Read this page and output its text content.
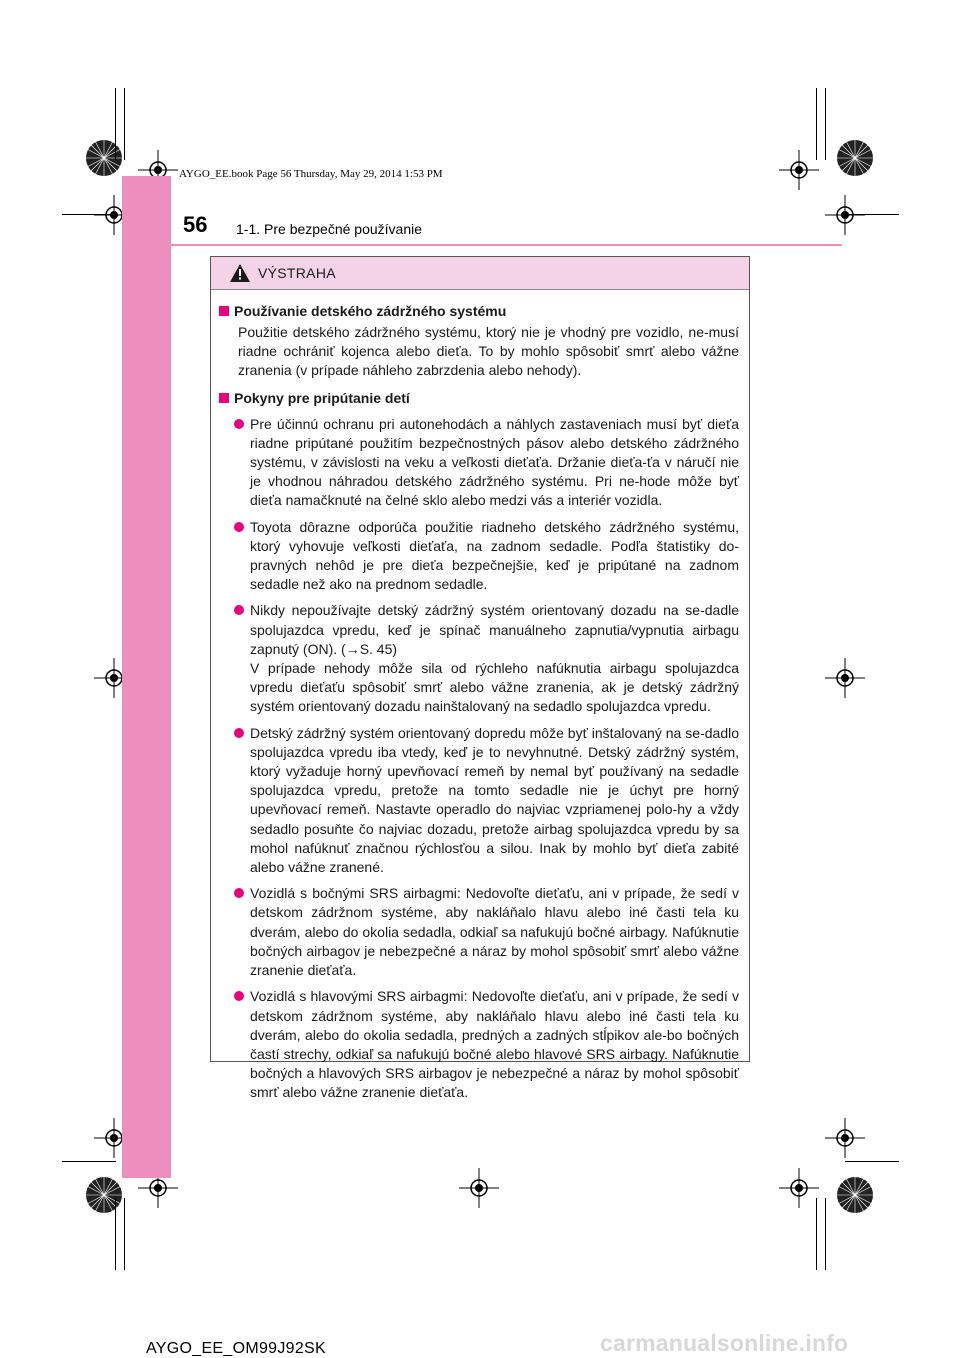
AYGO_EE.book Page 56 Thursday, May 29, 2014 1:53 PM
56 1-1. Pre bezpečné používanie
VÝSTRAHA
Používanie detského zádržného systému
Použitie detského zádržného systému, ktorý nie je vhodný pre vozidlo, ne-musí riadne ochrániť kojenca alebo dieťa. To by mohlo spôsobiť smrť alebo vážne zranenia (v prípade náhleho zabrzdenia alebo nehody).
Pokyny pre pripútanie detí
Pre účinnú ochranu pri autonehodách a náhlych zastaveniach musí byť dieťa riadne pripútané použitím bezpečnostných pásov alebo detského zádržného systému, v závislosti na veku a veľkosti dieťaťa. Držanie dieťa-ťa v náručí nie je vhodnou náhradou detského zádržného systému. Pri ne-hode môže byť dieťa namačknuté na čelné sklo alebo medzi vás a interiér vozidla.
Toyota dôrazne odporúča použitie riadneho detského zádržného systému, ktorý vyhovuje veľkosti dieťaťa, na zadnom sedadle. Podľa štatistiky do-pravných nehôd je pre dieťa bezpečnejšie, keď je pripútané na zadnom sedadle než ako na prednom sedadle.

Nikdy nepoužívajte detský zádržný systém orientovaný dozadu na se-dadle spolujazdca vpredu, keď je spínač manuálneho zapnutia/vypnutia airbagu zapnutý (ON). (→S. 45)

V prípade nehody môže sila od rýchleho nafúknutia airbagu spolujazdca vpredu dieťaťu spôsobiť smrť alebo vážne zranenia, ak je detský zádržný systém orientovaný dozadu nainštalovaný na sedadlo spolujazdca vpredu.

Detský zádržný systém orientovaný dopredu môže byť inštalovaný na se-dadlo spolujazdca vpredu iba vtedy, keď je to nevyhnutné. Detský zádržný systém, ktorý vyžaduje horný upevňovací remeň by nemal byť používaný na sedadle spolujazdca vpredu, pretože na tomto sedadle nie je úchyt pre horný upevňovací remeň. Nastavte operadlo do najviac vzpriamenej polo-hy a vždy sedadlo posuňte čo najviac dozadu, pretože airbag spolujazdca vpredu by sa mohol nafúknuť značnou rýchlosťou a silou. Inak by mohlo byť dieťa zabité alebo vážne zranené.
Vozidlá s bočnými SRS airbagmi: Nedovoľte dieťaťu, ani v prípade, že sedí v detskom zádržnom systéme, aby nakláňalo hlavu alebo iné časti tela ku dverám, alebo do okolia sedadla, odkiaľ sa nafukujú bočné airbagy. Nafúknutie bočných airbagov je nebezpečné a náraz by mohol spôsobiť smrť alebo vážne zranenie dieťaťa.
Vozidlá s hlavovými SRS airbagmi: Nedovoľte dieťaťu, ani v prípade, že sedí v detskom zádržnom systéme, aby nakláňalo hlavu alebo iné časti tela ku dverám, alebo do okolia sedadla, predných a zadných stĺpikov ale-bo bočných častí strechy, odkiaľ sa nafukujú bočné alebo hlavové SRS airbagy. Nafúknutie bočných a hlavových SRS airbagov je nebezpečné a náraz by mohol spôsobiť smrť alebo vážne zranenie dieťaťa.
AYGO_EE_OM99J92SK	carmanualsonline.info
